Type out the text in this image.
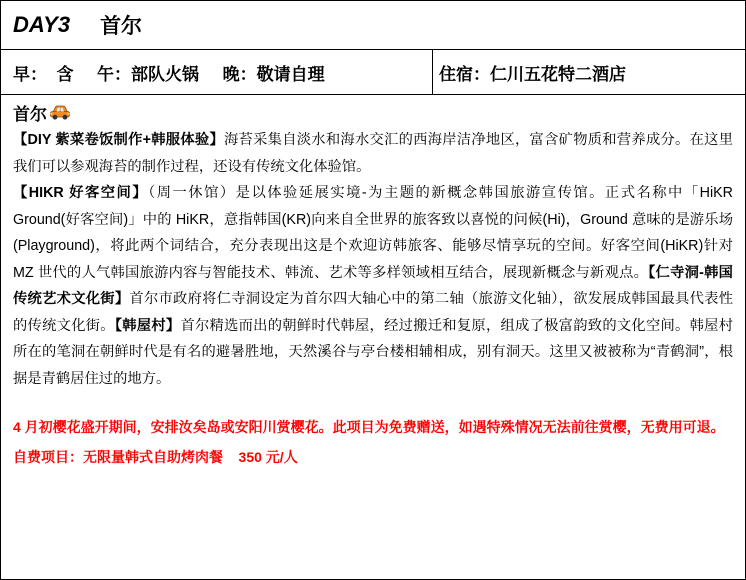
DAY3 首尔
早：  含     午：部队火锅     晚：敬请自理	住宿：仁川五花特二酒店
首尔

【DIY 紫菜卷饭制作+韩服体验】海苔采集自淡水和海水交汇的西海岸洁净地区，富含矿物质和营养成分。在这里我们可以参观海苔的制作过程，还设有传统文化体验馆。
【HIKR 好客空间】（周一休馆）是以体验延展实境-为主题的新概念韩国旅游宣传馆。正式名称中「HiKR Ground(好客空间)」中的 HiKR，意指韩国(KR)向来自全世界的旅客致以喜悦的问候(Hi)，Ground 意味的是游乐场(Playground)，将此两个词结合，充分表现出这是个欢迎访韩旅客、能够尽情享玩的空间。好客空间(HiKR)针对 MZ 世代的人气韩国旅游内容与智能技术、韩流、艺术等多样领域相互结合，展现新概念与新观点。【仁寺洞-韩国传统艺术文化街】首尔市政府将仁寺洞设定为首尔四大轴心中的第二轴（旅游文化轴），欲发展成韩国最具代表性的传统文化街。【韩屋村】首尔精选而出的朝鲜时代韩屋，经过搬迁和复原，组成了极富韵致的文化空间。韩屋村所在的笔洞在朝鲜时代是有名的避暑胜地，天然溪谷与亭台楼相辅相成，别有洞天。这里又被被称为“青鹤洞”，根据是青鹤居住过的地方。

4 月初樱花盛开期间，安排汝矣岛或安阳川赏樱花。此项目为免费赠送，如遇特殊情况无法前往赏樱，无费用可退。

自费项目：无限量韩式自助烤肉餐    350 元/人
